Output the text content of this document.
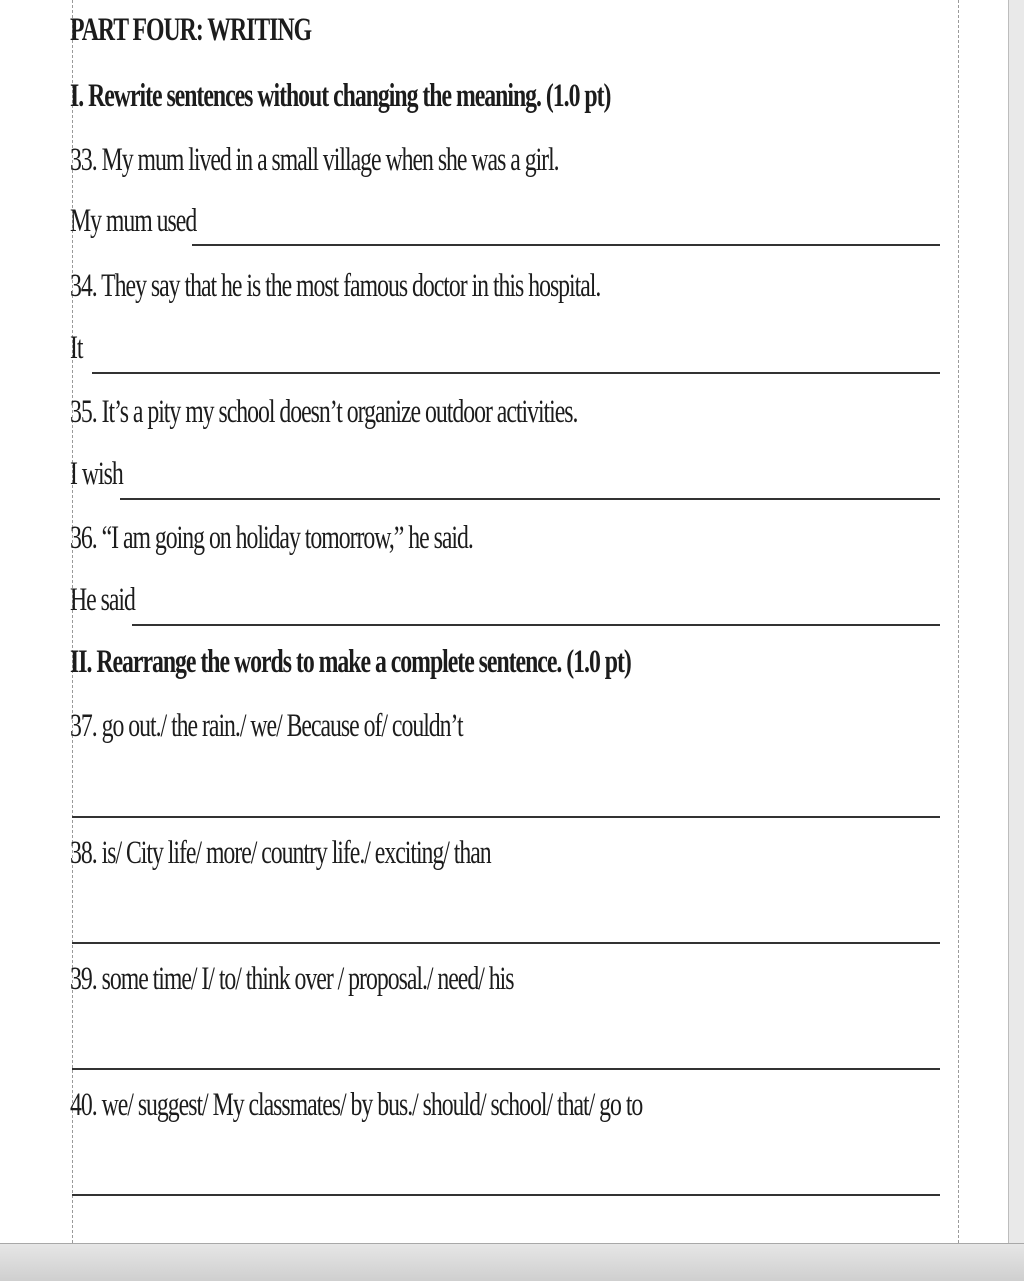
PART FOUR: WRITING
I. Rewrite sentences without changing the meaning. (1.0 pt)
33. My mum lived in a small village when she was a girl.
My mum used
34. They say that he is the most famous doctor in this hospital.
It
35. It’s a pity my school doesn’t organize outdoor activities.
I wish
36. “I am going on holiday tomorrow,” he said.
He said
II. Rearrange the words to make a complete sentence. (1.0 pt)
37. go out./ the rain./ we/ Because of/ couldn’t
38. is/ City life/ more/ country life./ exciting/ than
39. some time/ I/ to/ think over / proposal./ need/ his
40. we/ suggest/ My classmates/ by bus./ should/ school/ that/ go to
